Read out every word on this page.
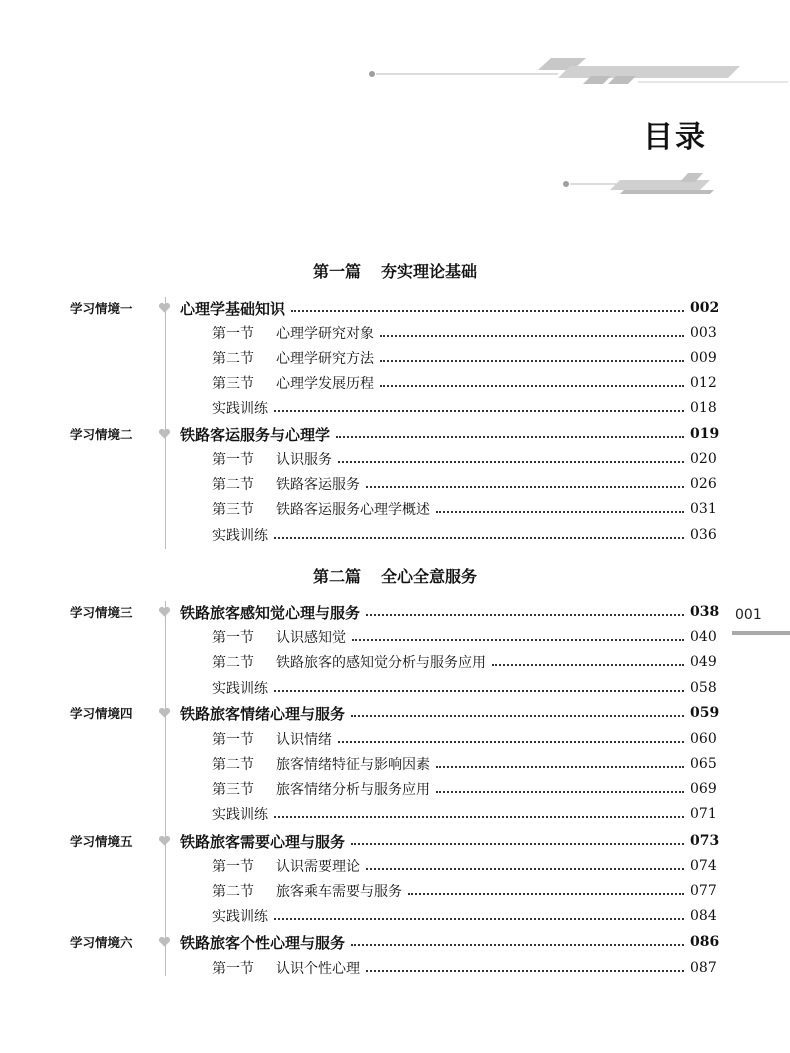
目录
第一篇 夯实理论基础
第二篇 全心全意服务
学习情境一	心理学基础知识	002
第一节 心理学研究对象	003
第二节 心理学研究方法	009
第三节 心理学发展历程	012
实践训练	018
学习情境二	铁路客运服务与心理学	019
第一节 认识服务	020
第二节 铁路客运服务	026
第三节 铁路客运服务心理学概述	031
实践训练	036
学习情境三	铁路旅客感知觉心理与服务	038
第一节 认识感知觉	040
第二节 铁路旅客的感知觉分析与服务应用	049
实践训练	058
学习情境四	铁路旅客情绪心理与服务	059
第一节 认识情绪	060
第二节 旅客情绪特征与影响因素	065
第三节 旅客情绪分析与服务应用	069
实践训练	071
学习情境五	铁路旅客需要心理与服务	073
第一节 认识需要理论	074
第二节 旅客乘车需要与服务	077
实践训练	084
学习情境六	铁路旅客个性心理与服务	086
第一节 认识个性心理	087
001
